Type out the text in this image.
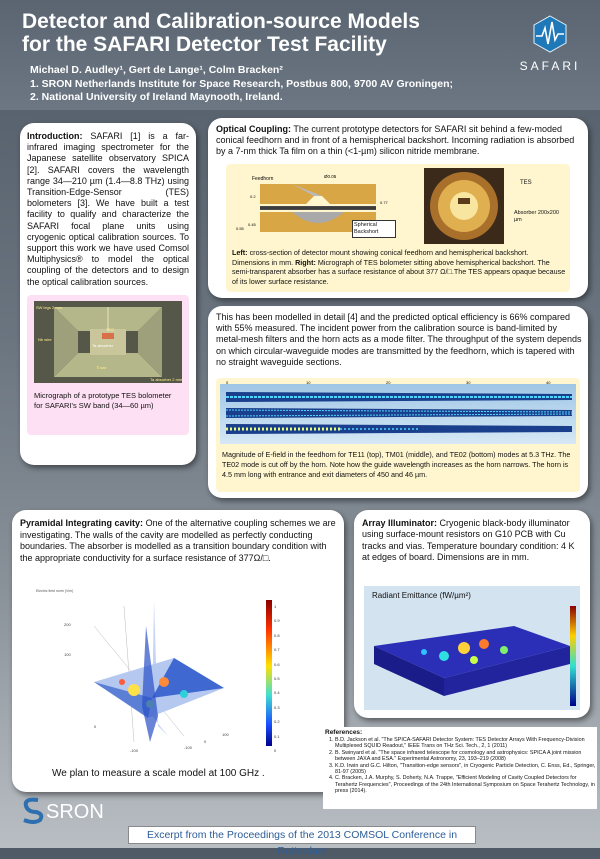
Detector and Calibration-source Models
for the SAFARI Detector Test Facility
Michael D. Audley¹, Gert de Lange¹, Colm Bracken²
1. SRON Netherlands Institute for Space Research, Postbus 800, 9700 AV Groningen;
2. National University of Ireland Maynooth, Ireland.
SAFARI
Introduction: SAFARI [1] is a far-infrared imaging spectrometer for the Japanese satellite observatory SPICA [2]. SAFARI covers the wavelength range 34—210 µm (1.4—8.8 THz) using Transition-Edge-Sensor (TES) bolometers [3]. We have built a test facility to qualify and characterize the SAFARI focal plane units using cryogenic optical calibration sources. To support this work we have used Comsol Multiphysics® to model the optical coupling of the detectors and to design the optical calibration sources.
SW legs 2 mm
Nb wire
TES
Ta absorber
Ti bar
Ta absorber 2 mm
Micrograph of a prototype TES bolometer for SAFARI's SW band (34—60 µm)
Optical Coupling: The current prototype detectors for SAFARI sit behind a few-moded conical feedhorn and in front of a hemispherical backshort. Incoming radiation is absorbed by a 7-nm thick Ta film on a thin (<1-µm) silicon nitride membrane.
Feedhorn	Ø0.05
0.2
0.77
0.55
0.45	Spherical Backshort
TES
Absorber 200x200 µm
Left: cross-section of detector mount showing conical feedhorn and hemispherical backshort. Dimensions in mm. Right: Micrograph of TES bolometer sitting above hemispherical backshort. The semi-transparent absorber has a surface resistance of about 377 Ω/□.The TES appears opaque because of its lower surface resistance.
This has been modelled in detail [4] and the predicted optical efficiency is 66% compared with 55% measured. The incident power from the calibration source is band-limited by metal-mesh filters and the horn acts as a mode filter. The throughput of the system depends on which circular-waveguide modes are transmitted by the feedhorn, which is tapered with no straight waveguide sections.
0	10	20	30	40
Magnitude of E-field in the feedhorn for TE11 (top), TM01 (middle), and TE02 (bottom) modes at 5.3 THz. The TE02 mode is cut off by the horn. Note how the guide wavelength increases as the horn narrows. The horn is 4.5 mm long with entrance and exit diameters of 450 and 46 µm.
Pyramidal Integrating cavity: One of the alternative coupling schemes we are investigating. The walls of the cavity are modelled as perfectly conducting boundaries. The absorber is modelled as a transition boundary condition with the appropriate conductivity for a surface resistance of 377Ω/□.
Electric field norm (V/m)
-100
0
100
-100
0
100
200
1
0.9
0.8
0.7
0.6
0.5
0.4
0.3
0.2
0.1
0
We plan to measure a scale model at 100 GHz .
Array Illuminator: Cryogenic black-body illuminator using surface-mount resistors on G10 PCB with Cu tracks and vias. Temperature boundary condition: 4 K at edges of board. Dimensions are in mm.
Radiant Emittance (fW/µm²)
References:
1. B.D. Jackson et al. "The SPICA-SAFARI Detector System: TES Detector Arrays With Frequency-Division Multiplexed SQUID Readout," IEEE Trans on THz Sci. Tech., 2, 1 (2011)
2. B. Swinyard et al. "The space infrared telescope for cosmology and astrophysics: SPICA A joint mission between JAXA and ESA." Experimental Astronomy, 23, 193–219 (2008)
3. K.D. Irwin and G.C. Hilton, "Transition-edge sensors", in Cryogenic Particle Detection, C. Enss, Ed., Springer, 81-97 (2005)
4. C. Bracken, J.A. Murphy, S. Doherty, N.A. Trappe, "Efficient Modeling of Cavity Coupled Detectors for Terahertz Frequencies", Proceedings of the 24th International Symposium on Space Terahertz Technology, in press (2014).
SRON
Excerpt from the Proceedings of the 2013 COMSOL Conference in Rotterdam
